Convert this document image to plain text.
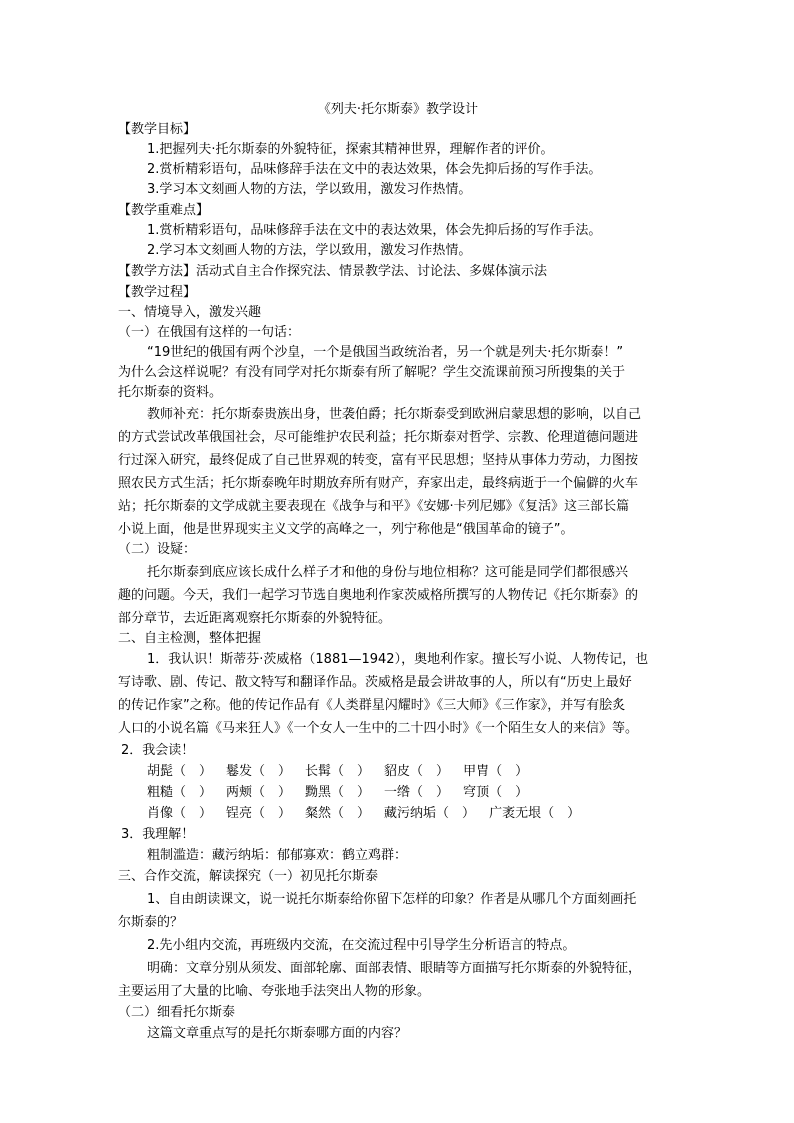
《列夫·托尔斯泰》教学设计
【教学目标】
1.把握列夫·托尔斯泰的外貌特征，探索其精神世界，理解作者的评价。
2.赏析精彩语句，品味修辞手法在文中的表达效果，体会先抑后扬的写作手法。
3.学习本文刻画人物的方法，学以致用，激发习作热情。
【教学重难点】
1.赏析精彩语句，品味修辞手法在文中的表达效果，体会先抑后扬的写作手法。
2.学习本文刻画人物的方法，学以致用，激发习作热情。
【教学方法】活动式自主合作探究法、情景教学法、讨论法、多媒体演示法
【教学过程】
一、情境导入，激发兴趣
（一）在俄国有这样的一句话：
“19世纪的俄国有两个沙皇，一个是俄国当政统治者，另一个就是列夫·托尔斯泰！”
为什么会这样说呢？有没有同学对托尔斯泰有所了解呢？学生交流课前预习所搜集的关于
托尔斯泰的资料。
教师补充：托尔斯泰贵族出身，世袭伯爵；托尔斯泰受到欧洲启蒙思想的影响，以自己
的方式尝试改革俄国社会，尽可能维护农民利益；托尔斯泰对哲学、宗教、伦理道德问题进
行过深入研究，最终促成了自己世界观的转变，富有平民思想；坚持从事体力劳动，力图按
照农民方式生活；托尔斯泰晚年时期放弃所有财产，弃家出走，最终病逝于一个偏僻的火车
站；托尔斯泰的文学成就主要表现在《战争与和平》《安娜·卡列尼娜》《复活》这三部长篇
小说上面，他是世界现实主义文学的高峰之一，列宁称他是“俄国革命的镜子”。
（二）设疑：
托尔斯泰到底应该长成什么样子才和他的身份与地位相称？这可能是同学们都很感兴
趣的问题。今天，我们一起学习节选自奥地利作家茨威格所撰写的人物传记《托尔斯泰》的
部分章节，去近距离观察托尔斯泰的外貌特征。
二、自主检测，整体把握
1．我认识！斯蒂芬·茨威格（1881—1942），奥地利作家。擅长写小说、人物传记，也
写诗歌、剧、传记、散文特写和翻译作品。茨威格是最会讲故事的人，所以有“历史上最好
的传记作家”之称。他的传记作品有《人类群星闪耀时》《三大师》《三作家》，并写有脍炙
人口的小说名篇《马来狂人》《一个女人一生中的二十四小时》《一个陌生女人的来信》等。
2．我会读！
胡髭（　） 鬈发（　） 长髯（　） 貂皮（　） 甲胄（　）
粗糙（　） 两颊（　） 黝黑（　） 一绺（　） 穹顶（　）
肖像（　） 锃亮（　） 粲然（　） 藏污纳垢（　） 广袤无垠（　）
3．我理解！
粗制滥造：藏污纳垢：郁郁寡欢：鹤立鸡群：
三、合作交流，解读探究（一）初见托尔斯泰
1、自由朗读课文，说一说托尔斯泰给你留下怎样的印象？作者是从哪几个方面刻画托
尔斯泰的？
2.先小组内交流，再班级内交流，在交流过程中引导学生分析语言的特点。
明确：文章分别从须发、面部轮廓、面部表情、眼睛等方面描写托尔斯泰的外貌特征，
主要运用了大量的比喻、夸张地手法突出人物的形象。
（二）细看托尔斯泰
这篇文章重点写的是托尔斯泰哪方面的内容？
